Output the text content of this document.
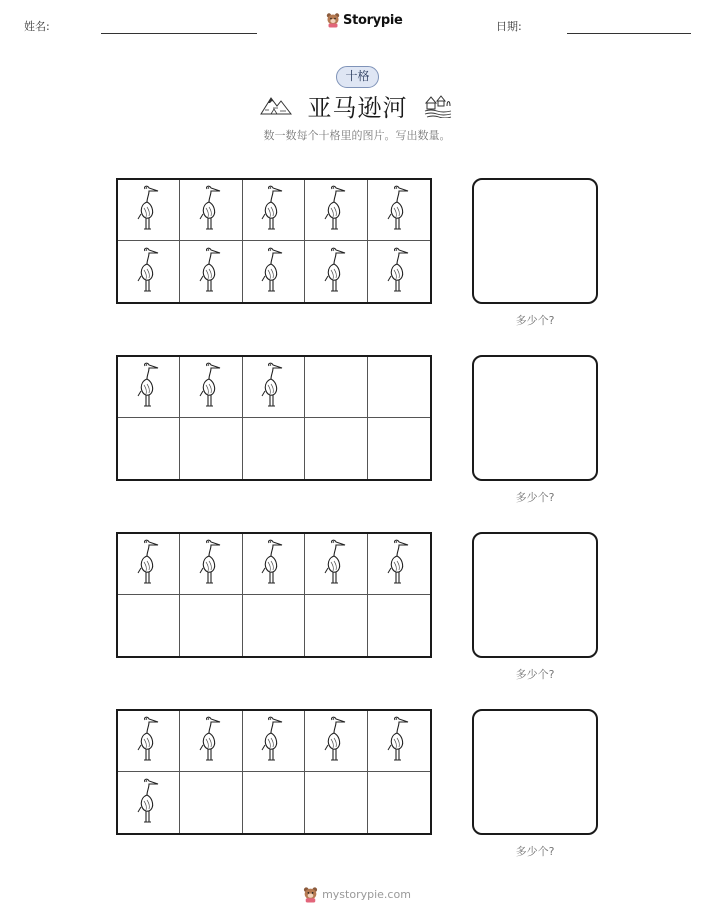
姓名:	Storypie	日期:
十格
亚马逊河
数一数每个十格里的图片。写出数量。
多少个?
多少个?
多少个?
多少个?
mystorypie.com
